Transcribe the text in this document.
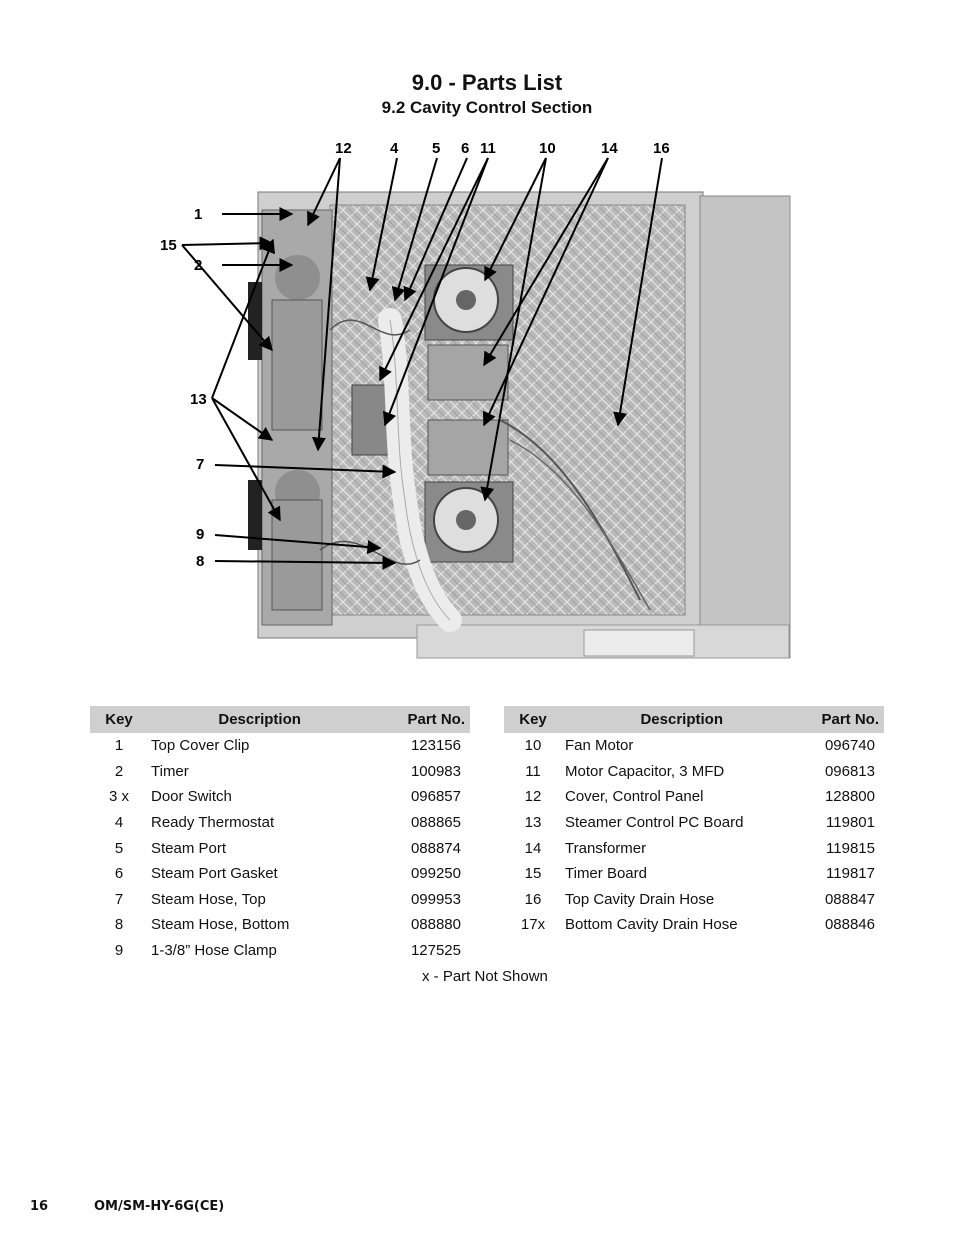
9.0 - Parts List
9.2 Cavity Control Section
1
2
4 5 6
7
8
9
10
11
12
13
14
15
16
Key	Description	Part No.
1	Top Cover Clip	123156
2	Timer	100983
3 x	Door Switch	096857
4	Ready Thermostat	088865
5	Steam Port	088874
6	Steam Port Gasket	099250
7	Steam Hose, Top	099953
8	Steam Hose, Bottom	088880
9	1-3/8” Hose Clamp	127525
Key	Description	Part No.
10	Fan Motor	096740
11	Motor Capacitor, 3 MFD	096813
12	Cover, Control Panel	128800
13	Steamer Control PC Board	119801
14	Transformer	119815
15	Timer Board	119817
16	Top Cavity Drain Hose	088847
17x	Bottom Cavity Drain Hose	088846
x - Part Not Shown
16	OM/SM-HY-6G(CE)
